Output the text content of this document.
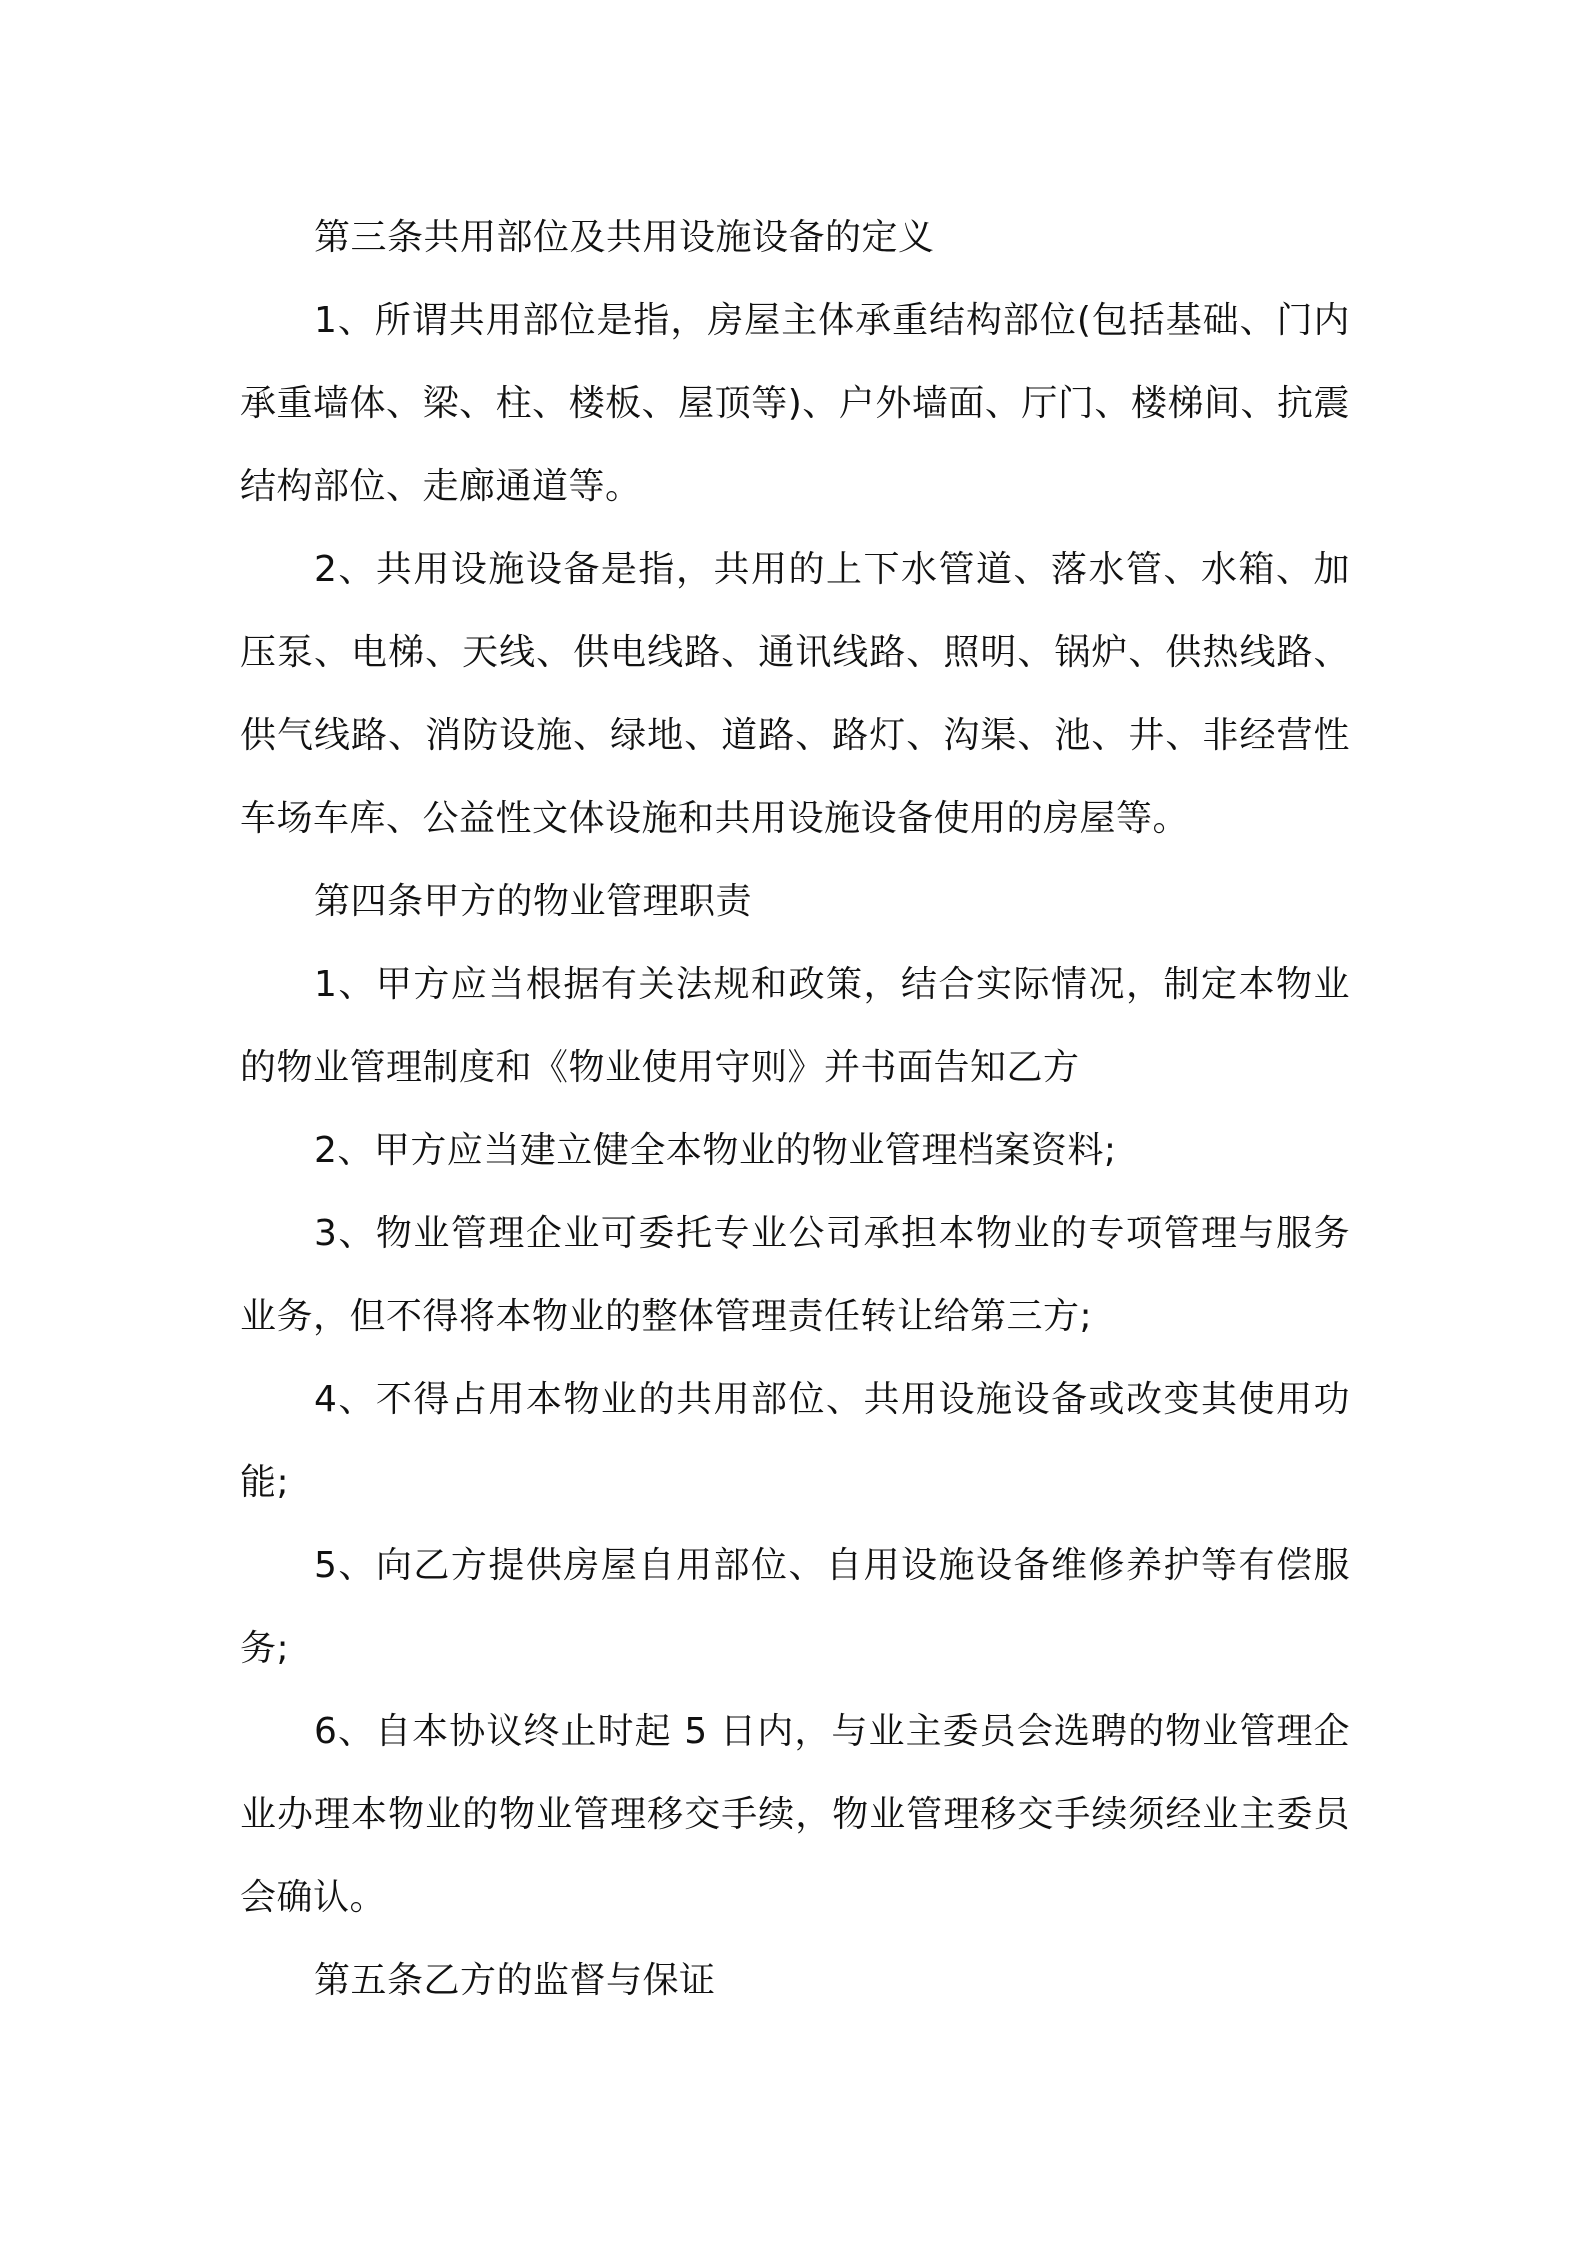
第三条共用部位及共用设施设备的定义

1、所谓共用部位是指，房屋主体承重结构部位(包括基础、门内承重墙体、梁、柱、楼板、屋顶等)、户外墙面、厅门、楼梯间、抗震结构部位、走廊通道等。

2、共用设施设备是指，共用的上下水管道、落水管、水箱、加压泵、电梯、天线、供电线路、通讯线路、照明、锅炉、供热线路、供气线路、消防设施、绿地、道路、路灯、沟渠、池、井、非经营性车场车库、公益性文体设施和共用设施设备使用的房屋等。

第四条甲方的物业管理职责

1、甲方应当根据有关法规和政策，结合实际情况，制定本物业的物业管理制度和《物业使用守则》并书面告知乙方

2、甲方应当建立健全本物业的物业管理档案资料;

3、物业管理企业可委托专业公司承担本物业的专项管理与服务业务，但不得将本物业的整体管理责任转让给第三方;

4、不得占用本物业的共用部位、共用设施设备或改变其使用功能;

5、向乙方提供房屋自用部位、自用设施设备维修养护等有偿服务;

6、自本协议终止时起 5 日内，与业主委员会选聘的物业管理企业办理本物业的物业管理移交手续，物业管理移交手续须经业主委员会确认。

第五条乙方的监督与保证
